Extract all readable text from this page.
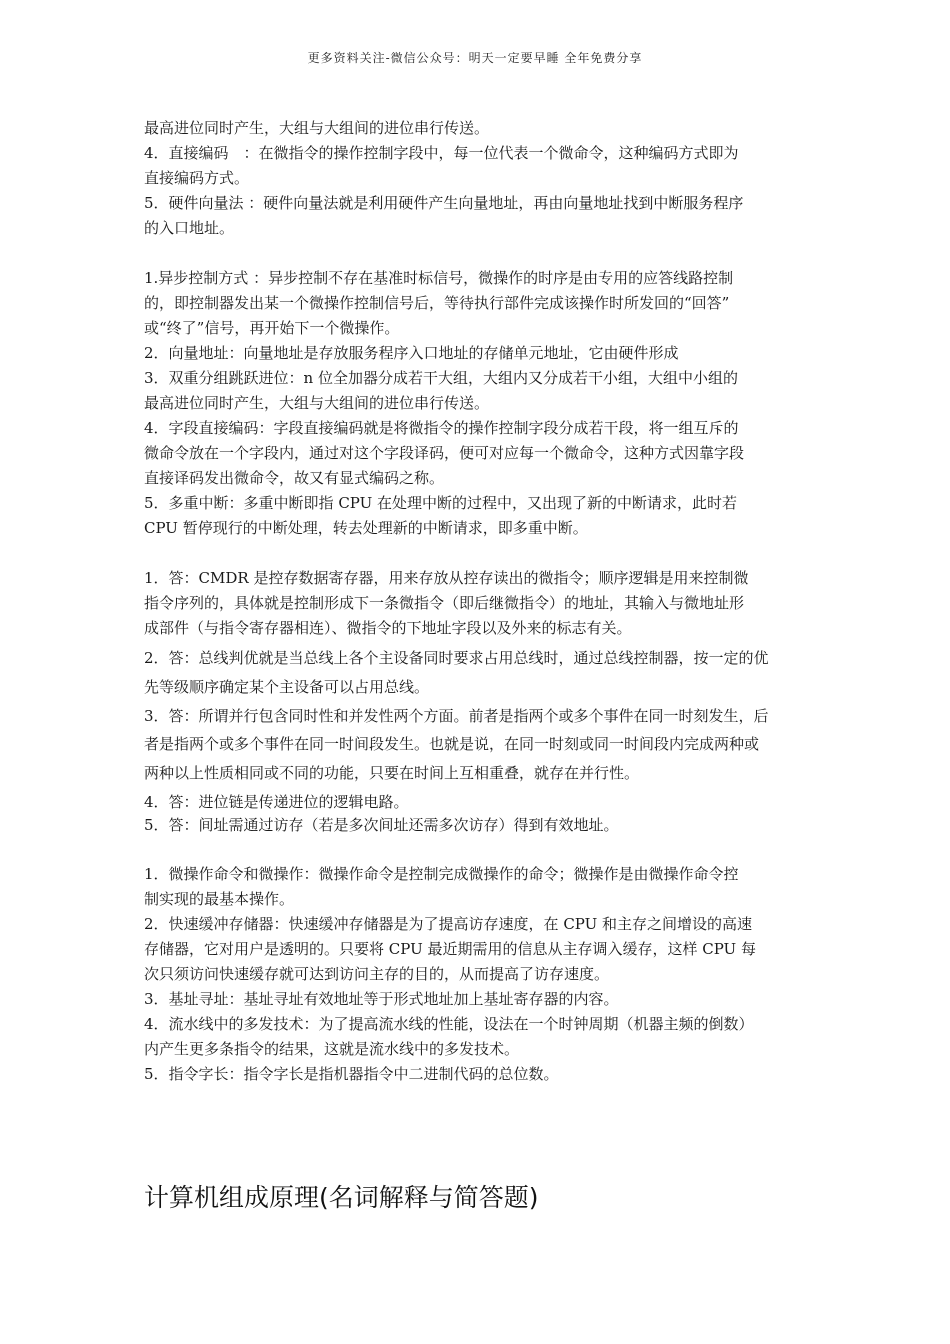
更多资料关注-微信公众号：明天一定要早睡 全年免费分享
最高进位同时产生，大组与大组间的进位串行传送。
4．直接编码　：在微指令的操作控制字段中，每一位代表一个微命令，这种编码方式即为
直接编码方式。
5．硬件向量法 ：硬件向量法就是利用硬件产生向量地址，再由向量地址找到中断服务程序
的入口地址。
1.异步控制方式 ：异步控制不存在基准时标信号，微操作的时序是由专用的应答线路控制
的，即控制器发出某一个微操作控制信号后，等待执行部件完成该操作时所发回的“回答”
或“终了”信号，再开始下一个微操作。
2．向量地址：向量地址是存放服务程序入口地址的存储单元地址，它由硬件形成
3．双重分组跳跃进位：n 位全加器分成若干大组，大组内又分成若干小组，大组中小组的
最高进位同时产生，大组与大组间的进位串行传送。
4．字段直接编码：字段直接编码就是将微指令的操作控制字段分成若干段，将一组互斥的
微命令放在一个字段内，通过对这个字段译码，便可对应每一个微命令，这种方式因靠字段
直接译码发出微命令，故又有显式编码之称。
5．多重中断：多重中断即指 CPU 在处理中断的过程中，又出现了新的中断请求，此时若
CPU 暂停现行的中断处理，转去处理新的中断请求，即多重中断。
1．答：CMDR 是控存数据寄存器，用来存放从控存读出的微指令；顺序逻辑是用来控制微
指令序列的，具体就是控制形成下一条微指令（即后继微指令）的地址，其输入与微地址形
成部件（与指令寄存器相连）、微指令的下地址字段以及外来的标志有关。
2．答：总线判优就是当总线上各个主设备同时要求占用总线时，通过总线控制器，按一定的优
先等级顺序确定某个主设备可以占用总线。
3．答：所谓并行包含同时性和并发性两个方面。前者是指两个或多个事件在同一时刻发生，后
者是指两个或多个事件在同一时间段发生。也就是说，在同一时刻或同一时间段内完成两种或
两种以上性质相同或不同的功能，只要在时间上互相重叠，就存在并行性。
4．答：进位链是传递进位的逻辑电路。
5．答：间址需通过访存（若是多次间址还需多次访存）得到有效地址。
1．微操作命令和微操作：微操作命令是控制完成微操作的命令；微操作是由微操作命令控
制实现的最基本操作。
2．快速缓冲存储器：快速缓冲存储器是为了提高访存速度，在 CPU 和主存之间增设的高速
存储器，它对用户是透明的。只要将 CPU 最近期需用的信息从主存调入缓存，这样 CPU 每
次只须访问快速缓存就可达到访问主存的目的，从而提高了访存速度。
3．基址寻址：基址寻址有效地址等于形式地址加上基址寄存器的内容。
4．流水线中的多发技术：为了提高流水线的性能，设法在一个时钟周期（机器主频的倒数）
内产生更多条指令的结果，这就是流水线中的多发技术。
5．指令字长：指令字长是指机器指令中二进制代码的总位数。
计算机组成原理(名词解释与简答题)
